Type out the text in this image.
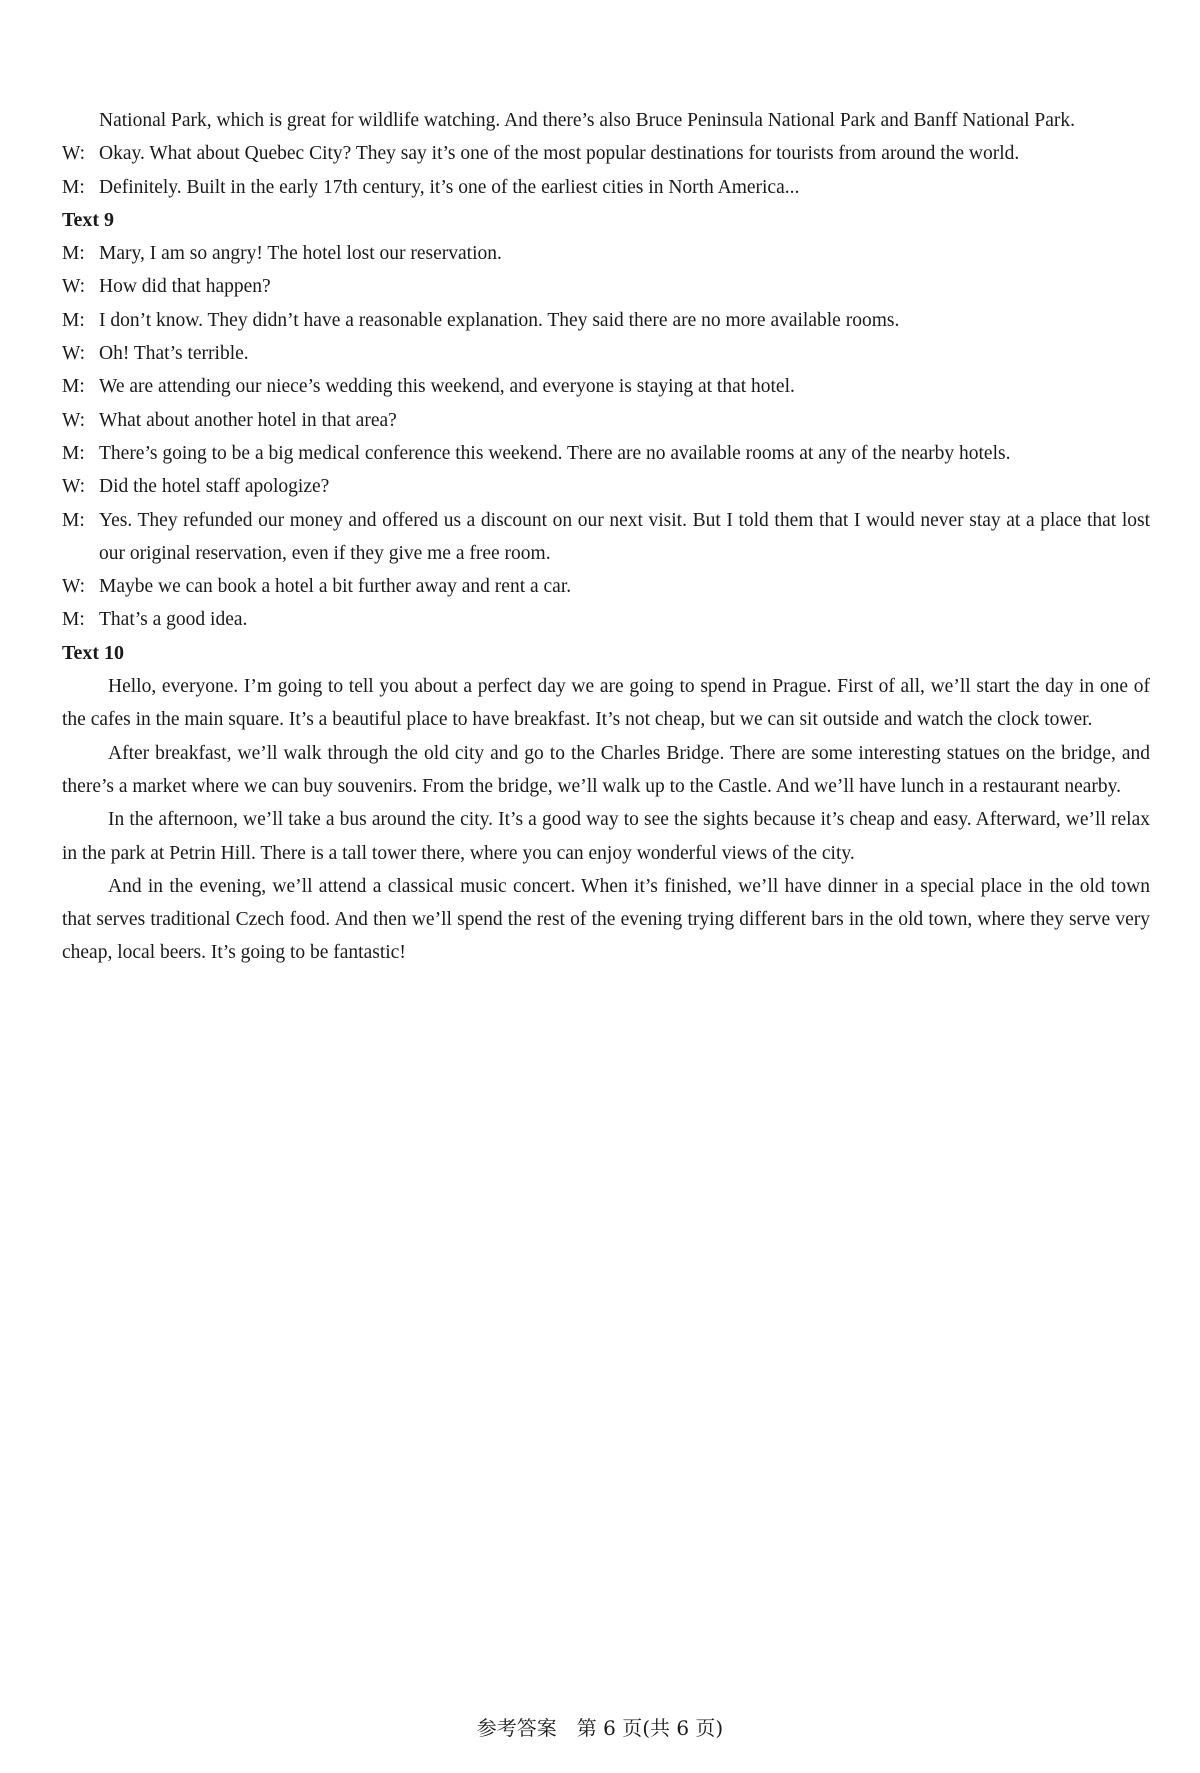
National Park, which is great for wildlife watching. And there’s also Bruce Peninsula National Park and Banff National Park.

W: Okay. What about Quebec City? They say it’s one of the most popular destinations for tourists from around the world.

M: Definitely. Built in the early 17th century, it’s one of the earliest cities in North America...

Text 9

M: Mary, I am so angry! The hotel lost our reservation.

W: How did that happen?

M: I don’t know. They didn’t have a reasonable explanation. They said there are no more available rooms.

W: Oh! That’s terrible.

M: We are attending our niece’s wedding this weekend, and everyone is staying at that hotel.

W: What about another hotel in that area?

M: There’s going to be a big medical conference this weekend. There are no available rooms at any of the nearby hotels.

W: Did the hotel staff apologize?

M: Yes. They refunded our money and offered us a discount on our next visit. But I told them that I would never stay at a place that lost our original reservation, even if they give me a free room.

W: Maybe we can book a hotel a bit further away and rent a car.

M: That’s a good idea.

Text 10

Hello, everyone. I’m going to tell you about a perfect day we are going to spend in Prague. First of all, we’ll start the day in one of the cafes in the main square. It’s a beautiful place to have breakfast. It’s not cheap, but we can sit outside and watch the clock tower.

After breakfast, we’ll walk through the old city and go to the Charles Bridge. There are some interesting statues on the bridge, and there’s a market where we can buy souvenirs. From the bridge, we’ll walk up to the Castle. And we’ll have lunch in a restaurant nearby.

In the afternoon, we’ll take a bus around the city. It’s a good way to see the sights because it’s cheap and easy. Afterward, we’ll relax in the park at Petrin Hill. There is a tall tower there, where you can enjoy wonderful views of the city.

And in the evening, we’ll attend a classical music concert. When it’s finished, we’ll have dinner in a special place in the old town that serves traditional Czech food. And then we’ll spend the rest of the evening trying different bars in the old town, where they serve very cheap, local beers. It’s going to be fantastic!

参考答案　第 6 页(共 6 页)
